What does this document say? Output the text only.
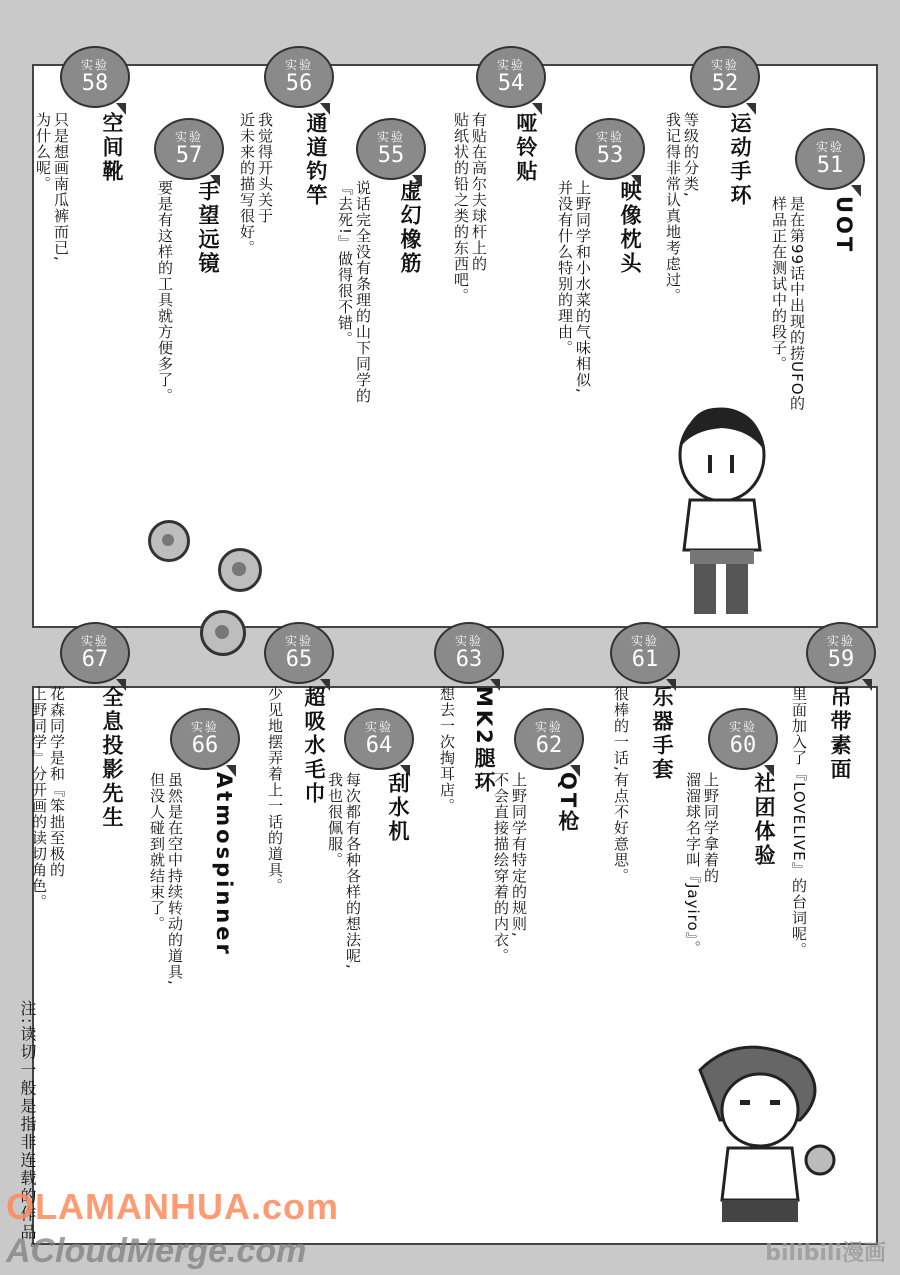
实验
51
UOT
是在第99话中出现的捞UFO的
样品正在测试中的段子。
实验
52
运动手环
等级的分类,
我记得非常认真地考虑过。
实验
53
映像枕头
上野同学和小水菜的气味相似,
并没有什么特别的理由。
实验
54
哑铃贴
有贴在高尔夫球杆上的
贴纸状的铅之类的东西吧。
实验
55
虚幻橡筋
说话完全没有条理的山下同学的
『去死!』做得很不错。
实验
56
通道钓竿
我觉得开头关于
近未来的描写很好。
实验
57
手望远镜
要是有这样的工具就方便多了。
实验
58
空间靴
只是想画南瓜裤而已,
为什么呢。
实验
59
吊带素面
里面加入了『LOVELIVE』的台词呢。
实验
60
社团体验
上野同学拿着的
溜溜球名字叫『Jayiro』。
实验
61
乐器手套
很棒的一话,有点不好意思。
实验
62
QT枪
上野同学有特定的规则,
不会直接描绘穿着的内衣。
实验
63
MK2腿环
想去一次掏耳店。
实验
64
刮水机
每次都有各种各样的想法呢,
我也很佩服。
实验
65
超吸水毛巾
少见地摆弄着上一话的道具。
实验
66
Atmospinner
虽然是在空中持续转动的道具,
但没人碰到就结束了。
实验
67
全息投影先生
花森同学是和『笨拙至极的
上野同学』分开画的读切角色。
注:读切一般是指非连载的作品。
OLAMANHUA.com
ACloudMerge.com	bilibili漫画
